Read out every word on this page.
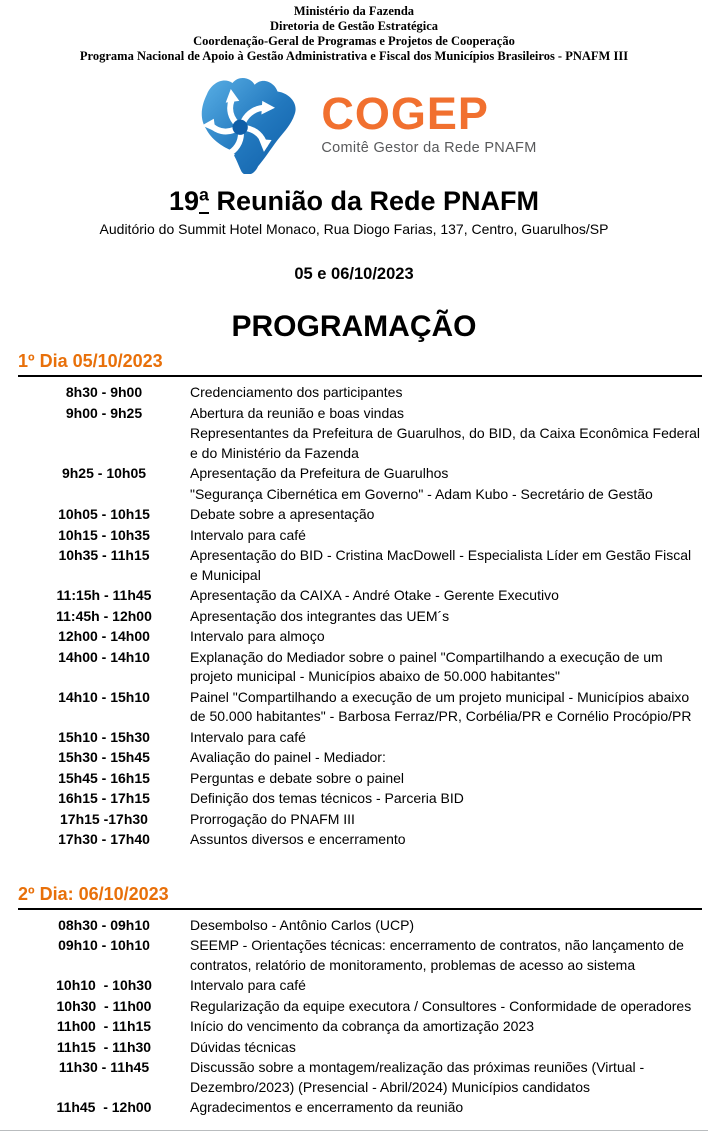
Ministério da Fazenda
Diretoria de Gestão Estratégica
Coordenação-Geral de Programas e Projetos de Cooperação
Programa Nacional de Apoio à Gestão Administrativa e Fiscal dos Municípios Brasileiros - PNAFM III
COGEP
Comitê Gestor da Rede PNAFM
19ª Reunião da Rede PNAFM
Auditório do Summit Hotel Monaco, Rua Diogo Farias, 137, Centro, Guarulhos/SP
05 e 06/10/2023
PROGRAMAÇÃO
1º Dia 05/10/2023
8h30 - 9h00	Credenciamento dos participantes
9h00 - 9h25	Abertura da reunião e boas vindas
Representantes da Prefeitura de Guarulhos, do BID, da Caixa Econômica Federal e do Ministério da Fazenda
9h25 - 10h05	Apresentação da Prefeitura de Guarulhos
"Segurança Cibernética em Governo" - Adam Kubo - Secretário de Gestão
10h05 - 10h15	Debate sobre a apresentação
10h15 - 10h35	Intervalo para café
10h35 - 11h15	Apresentação do BID - Cristina MacDowell - Especialista Líder em Gestão Fiscal e Municipal
11:15h - 11h45	Apresentação da CAIXA - André Otake - Gerente Executivo
11:45h - 12h00	Apresentação dos integrantes das UEM´s
12h00 - 14h00	Intervalo para almoço
14h00 - 14h10	Explanação do Mediador sobre o painel "Compartilhando a execução de um projeto municipal - Municípios abaixo de 50.000 habitantes"
14h10 - 15h10	Painel "Compartilhando a execução de um projeto municipal - Municípios abaixo de 50.000 habitantes" - Barbosa Ferraz/PR, Corbélia/PR e Cornélio Procópio/PR
15h10 - 15h30	Intervalo para café
15h30 - 15h45	Avaliação do painel - Mediador:
15h45 - 16h15	Perguntas e debate sobre o painel
16h15 - 17h15	Definição dos temas técnicos - Parceria BID
17h15 -17h30	Prorrogação do PNAFM III
17h30 - 17h40	Assuntos diversos e encerramento
2º Dia: 06/10/2023
08h30 - 09h10	Desembolso - Antônio Carlos (UCP)
09h10 - 10h10	SEEMP - Orientações técnicas: encerramento de contratos, não lançamento de contratos, relatório de monitoramento, problemas de acesso ao sistema
10h10  - 10h30	Intervalo para café
10h30  - 11h00	Regularização da equipe executora / Consultores - Conformidade de operadores
11h00  - 11h15	Início do vencimento da cobrança da amortização 2023
11h15  - 11h30	Dúvidas técnicas
11h30 - 11h45	Discussão sobre a montagem/realização das próximas reuniões (Virtual - Dezembro/2023) (Presencial - Abril/2024) Municípios candidatos
11h45  - 12h00	Agradecimentos e encerramento da reunião
